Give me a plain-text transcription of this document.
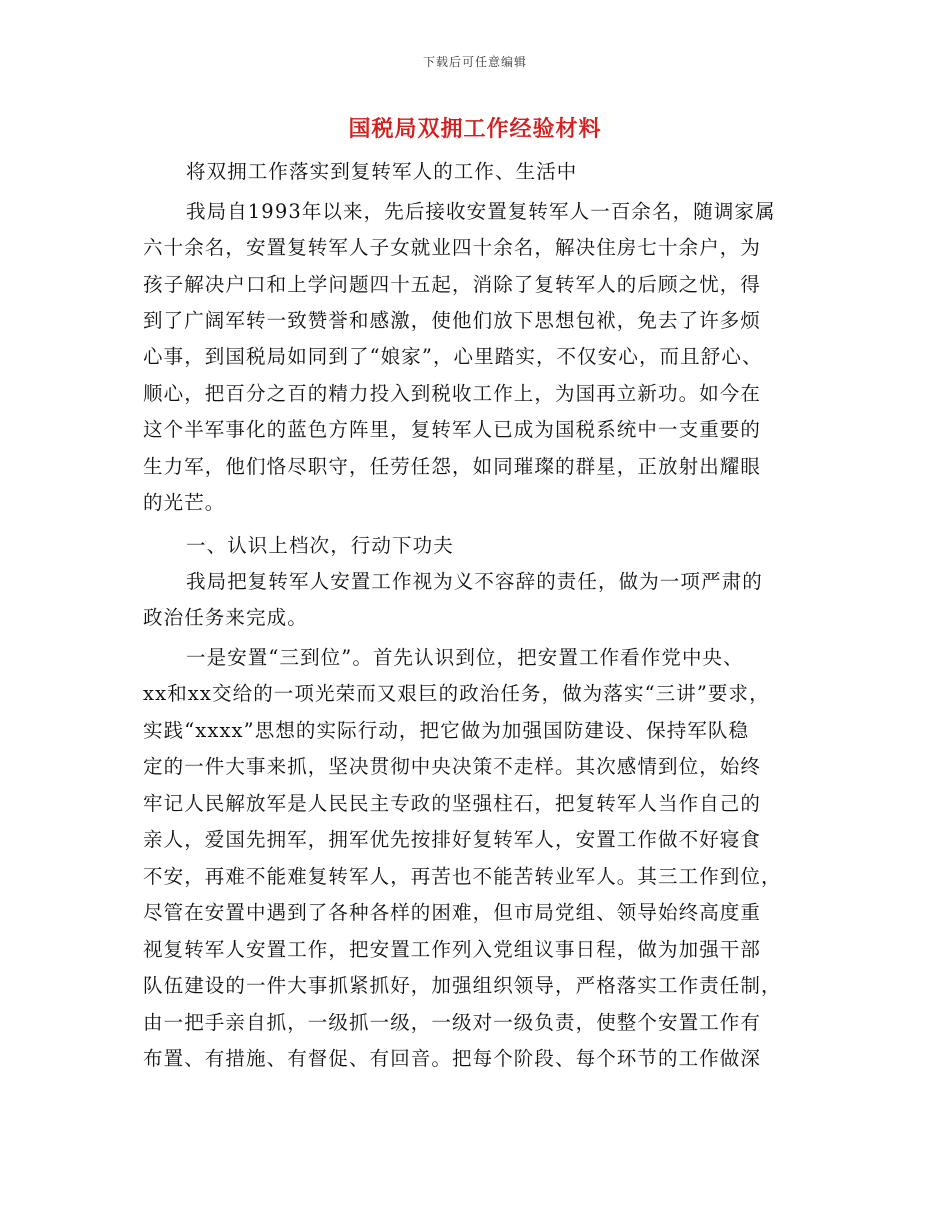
下载后可任意编辑
国税局双拥工作经验材料
将双拥工作落实到复转军人的工作、生活中
我局自1993年以来，先后接收安置复转军人一百余名，随调家属
六十余名，安置复转军人子女就业四十余名，解决住房七十余户，为
孩子解决户口和上学问题四十五起，消除了复转军人的后顾之忧，得
到了广阔军转一致赞誉和感激，使他们放下思想包袱，免去了许多烦
心事，到国税局如同到了“娘家”，心里踏实，不仅安心，而且舒心、
顺心，把百分之百的精力投入到税收工作上，为国再立新功。如今在
这个半军事化的蓝色方阵里，复转军人已成为国税系统中一支重要的
生力军，他们恪尽职守，任劳任怨，如同璀璨的群星，正放射出耀眼
的光芒。
一、认识上档次，行动下功夫
我局把复转军人安置工作视为义不容辞的责任，做为一项严肃的
政治任务来完成。
一是安置“三到位”。首先认识到位，把安置工作看作党中央、
xx和xx交给的一项光荣而又艰巨的政治任务，做为落实“三讲”要求，
实践“xxxx”思想的实际行动，把它做为加强国防建设、保持军队稳
定的一件大事来抓，坚决贯彻中央决策不走样。其次感情到位，始终
牢记人民解放军是人民民主专政的坚强柱石，把复转军人当作自己的
亲人，爱国先拥军，拥军优先按排好复转军人，安置工作做不好寝食
不安，再难不能难复转军人，再苦也不能苦转业军人。其三工作到位，
尽管在安置中遇到了各种各样的困难，但市局党组、领导始终高度重
视复转军人安置工作，把安置工作列入党组议事日程，做为加强干部
队伍建设的一件大事抓紧抓好，加强组织领导，严格落实工作责任制，
由一把手亲自抓，一级抓一级，一级对一级负责，使整个安置工作有
布置、有措施、有督促、有回音。把每个阶段、每个环节的工作做深
